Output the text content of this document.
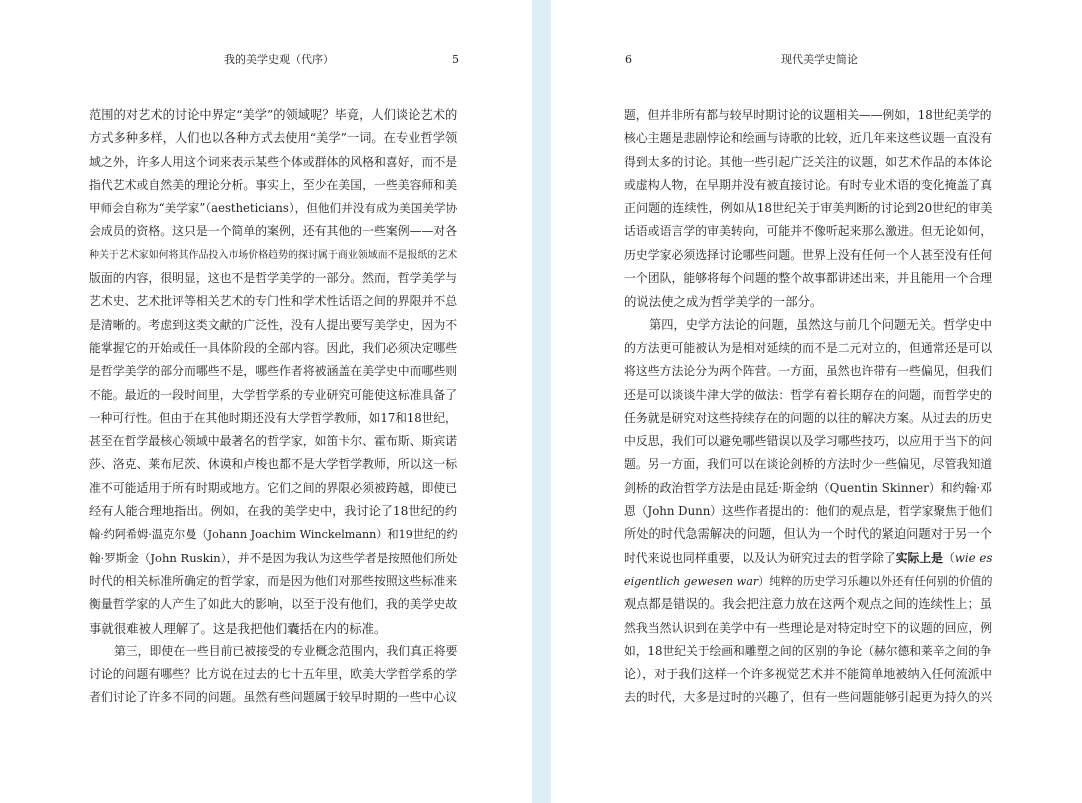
我的美学史观（代序）	5
范围的对艺术的讨论中界定“美学”的领域呢？毕竟，人们谈论艺术的
方式多种多样，人们也以各种方式去使用“美学”一词。在专业哲学领
域之外，许多人用这个词来表示某些个体或群体的风格和喜好，而不是
指代艺术或自然美的理论分析。事实上，至少在美国，一些美容师和美
甲师会自称为“美学家”（aestheticians），但他们并没有成为美国美学协
会成员的资格。这只是一个简单的案例，还有其他的一些案例——对各
种关于艺术家如何将其作品投入市场价格趋势的探讨属于商业领域而不是报纸的艺术
版面的内容，很明显，这也不是哲学美学的一部分。然而，哲学美学与
艺术史、艺术批评等相关艺术的专门性和学术性话语之间的界限并不总
是清晰的。考虑到这类文献的广泛性，没有人提出要写美学史，因为不
能掌握它的开始或任一具体阶段的全部内容。因此，我们必须决定哪些
是哲学美学的部分而哪些不是，哪些作者将被涵盖在美学史中而哪些则
不能。最近的一段时间里，大学哲学系的专业研究可能使这标准具备了
一种可行性。但由于在其他时期还没有大学哲学教师，如17和18世纪，
甚至在哲学最核心领域中最著名的哲学家，如笛卡尔、霍布斯、斯宾诺
莎、洛克、莱布尼茨、休谟和卢梭也都不是大学哲学教师，所以这一标
准不可能适用于所有时期或地方。它们之间的界限必须被跨越，即使已
经有人能合理地指出。例如，在我的美学史中，我讨论了18世纪的约
翰·约阿希姆·温克尔曼（Johann Joachim Winckelmann）和19世纪的约
翰·罗斯金（John Ruskin），并不是因为我认为这些学者是按照他们所处
时代的相关标准所确定的哲学家，而是因为他们对那些按照这些标准来
衡量哲学家的人产生了如此大的影响，以至于没有他们，我的美学史故
事就很难被人理解了。这是我把他们囊括在内的标准。
第三，即使在一些目前已被接受的专业概念范围内，我们真正将要
讨论的问题有哪些？比方说在过去的七十五年里，欧美大学哲学系的学
者们讨论了许多不同的问题。虽然有些问题属于较早时期的一些中心议
6	现代美学史简论
题，但并非所有都与较早时期讨论的议题相关——例如，18世纪美学的
核心主题是悲剧悖论和绘画与诗歌的比较，近几年来这些议题一直没有
得到太多的讨论。其他一些引起广泛关注的议题，如艺术作品的本体论
或虚构人物，在早期并没有被直接讨论。有时专业术语的变化掩盖了真
正问题的连续性，例如从18世纪关于审美判断的讨论到20世纪的审美
话语或语言学的审美转向，可能并不像听起来那么激进。但无论如何，
历史学家必须选择讨论哪些问题。世界上没有任何一个人甚至没有任何
一个团队，能够将每个问题的整个故事都讲述出来，并且能用一个合理
的说法使之成为哲学美学的一部分。
第四，史学方法论的问题，虽然这与前几个问题无关。哲学史中
的方法更可能被认为是相对延续的而不是二元对立的，但通常还是可以
将这些方法论分为两个阵营。一方面，虽然也许带有一些偏见，但我们
还是可以谈谈牛津大学的做法：哲学有着长期存在的问题，而哲学史的
任务就是研究对这些持续存在的问题的以往的解决方案。从过去的历史
中反思，我们可以避免哪些错误以及学习哪些技巧，以应用于当下的问
题。另一方面，我们可以在谈论剑桥的方法时少一些偏见，尽管我知道
剑桥的政治哲学方法是由昆廷·斯金纳（Quentin Skinner）和约翰·邓
恩（John Dunn）这些作者提出的：他们的观点是，哲学家聚焦于他们
所处的时代急需解决的问题，但认为一个时代的紧迫问题对于另一个
时代来说也同样重要，以及认为研究过去的哲学除了实际上是（wie es
eigentlich gewesen war）纯粹的历史学习乐趣以外还有任何别的价值的
观点都是错误的。我会把注意力放在这两个观点之间的连续性上；虽
然我当然认识到在美学中有一些理论是对特定时空下的议题的回应，例
如，18世纪关于绘画和雕塑之间的区别的争论（赫尔德和莱辛之间的争
论），对于我们这样一个许多视觉艺术并不能简单地被纳入任何流派中
去的时代，大多是过时的兴趣了，但有一些问题能够引起更为持久的兴
